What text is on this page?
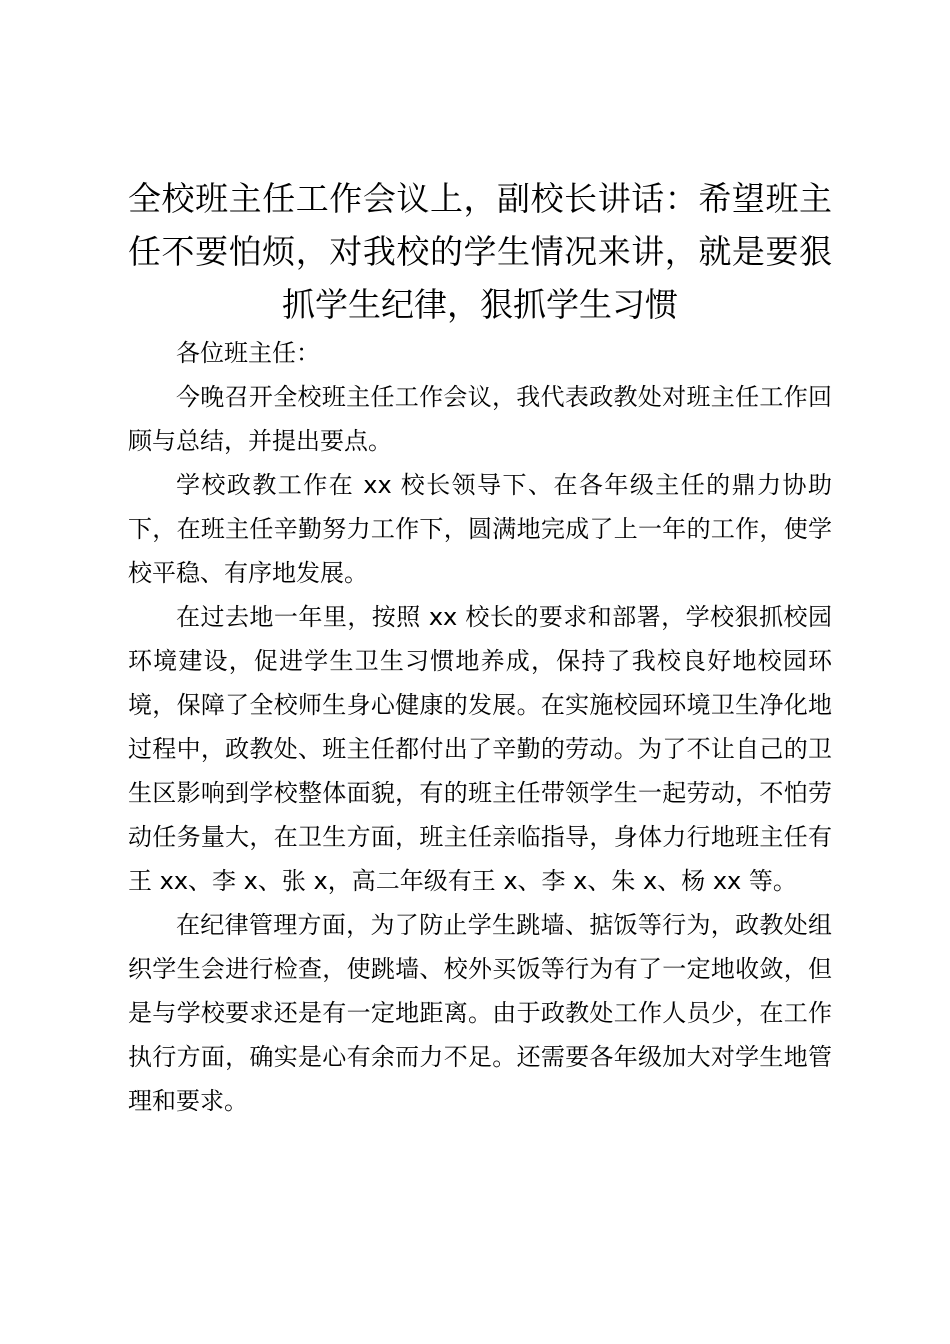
全校班主任工作会议上，副校长讲话：希望班主任不要怕烦，对我校的学生情况来讲，就是要狠抓学生纪律，狠抓学生习惯

各位班主任：

今晚召开全校班主任工作会议，我代表政教处对班主任工作回顾与总结，并提出要点。

学校政教工作在 xx 校长领导下、在各年级主任的鼎力协助下，在班主任辛勤努力工作下，圆满地完成了上一年的工作，使学校平稳、有序地发展。

在过去地一年里，按照 xx 校长的要求和部署，学校狠抓校园环境建设，促进学生卫生习惯地养成，保持了我校良好地校园环境，保障了全校师生身心健康的发展。在实施校园环境卫生净化地过程中，政教处、班主任都付出了辛勤的劳动。为了不让自己的卫生区影响到学校整体面貌，有的班主任带领学生一起劳动，不怕劳动任务量大，在卫生方面，班主任亲临指导，身体力行地班主任有王 xx、李 x、张 x，高二年级有王 x、李 x、朱 x、杨 xx 等。

在纪律管理方面，为了防止学生跳墙、掂饭等行为，政教处组织学生会进行检查，使跳墙、校外买饭等行为有了一定地收敛，但是与学校要求还是有一定地距离。由于政教处工作人员少，在工作执行方面，确实是心有余而力不足。还需要各年级加大对学生地管理和要求。
